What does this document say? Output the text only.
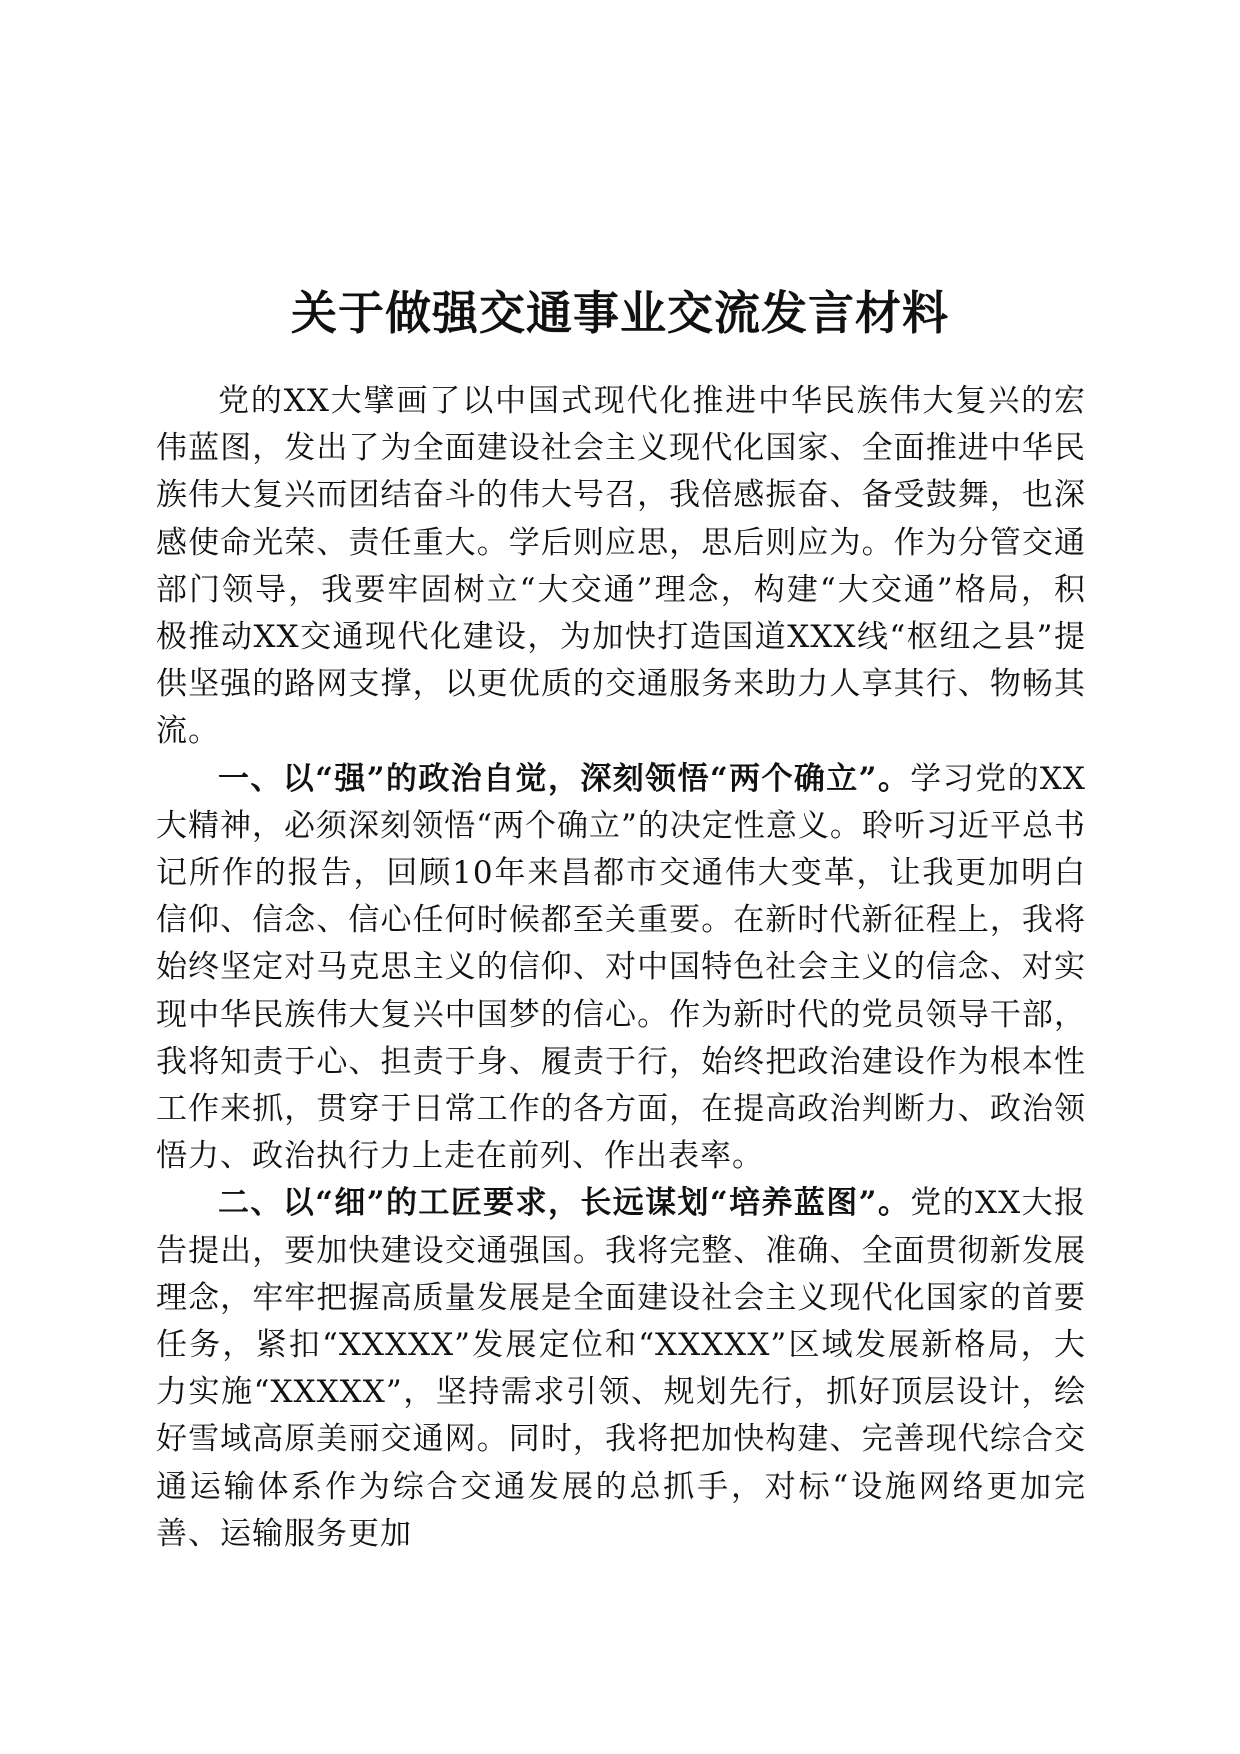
关于做强交通事业交流发言材料

党的XX大擘画了以中国式现代化推进中华民族伟大复兴的宏伟蓝图，发出了为全面建设社会主义现代化国家、全面推进中华民族伟大复兴而团结奋斗的伟大号召，我倍感振奋、备受鼓舞，也深感使命光荣、责任重大。学后则应思，思后则应为。作为分管交通部门领导，我要牢固树立“大交通”理念，构建“大交通”格局，积极推动XX交通现代化建设，为加快打造国道XXX线“枢纽之县”提供坚强的路网支撑，以更优质的交通服务来助力人享其行、物畅其流。

一、以“强”的政治自觉，深刻领悟“两个确立”。学习党的XX大精神，必须深刻领悟“两个确立”的决定性意义。聆听习近平总书记所作的报告，回顾10年来昌都市交通伟大变革，让我更加明白信仰、信念、信心任何时候都至关重要。在新时代新征程上，我将始终坚定对马克思主义的信仰、对中国特色社会主义的信念、对实现中华民族伟大复兴中国梦的信心。作为新时代的党员领导干部，我将知责于心、担责于身、履责于行，始终把政治建设作为根本性工作来抓，贯穿于日常工作的各方面，在提高政治判断力、政治领悟力、政治执行力上走在前列、作出表率。

二、以“细”的工匠要求，长远谋划“培养蓝图”。党的XX大报告提出，要加快建设交通强国。我将完整、准确、全面贯彻新发展理念，牢牢把握高质量发展是全面建设社会主义现代化国家的首要任务，紧扣“XXXXX”发展定位和“XXXXX”区域发展新格局，大力实施“XXXXX”，坚持需求引领、规划先行，抓好顶层设计，绘好雪域高原美丽交通网。同时，我将把加快构建、完善现代综合交通运输体系作为综合交通发展的总抓手，对标“设施网络更加完善、运输服务更加
